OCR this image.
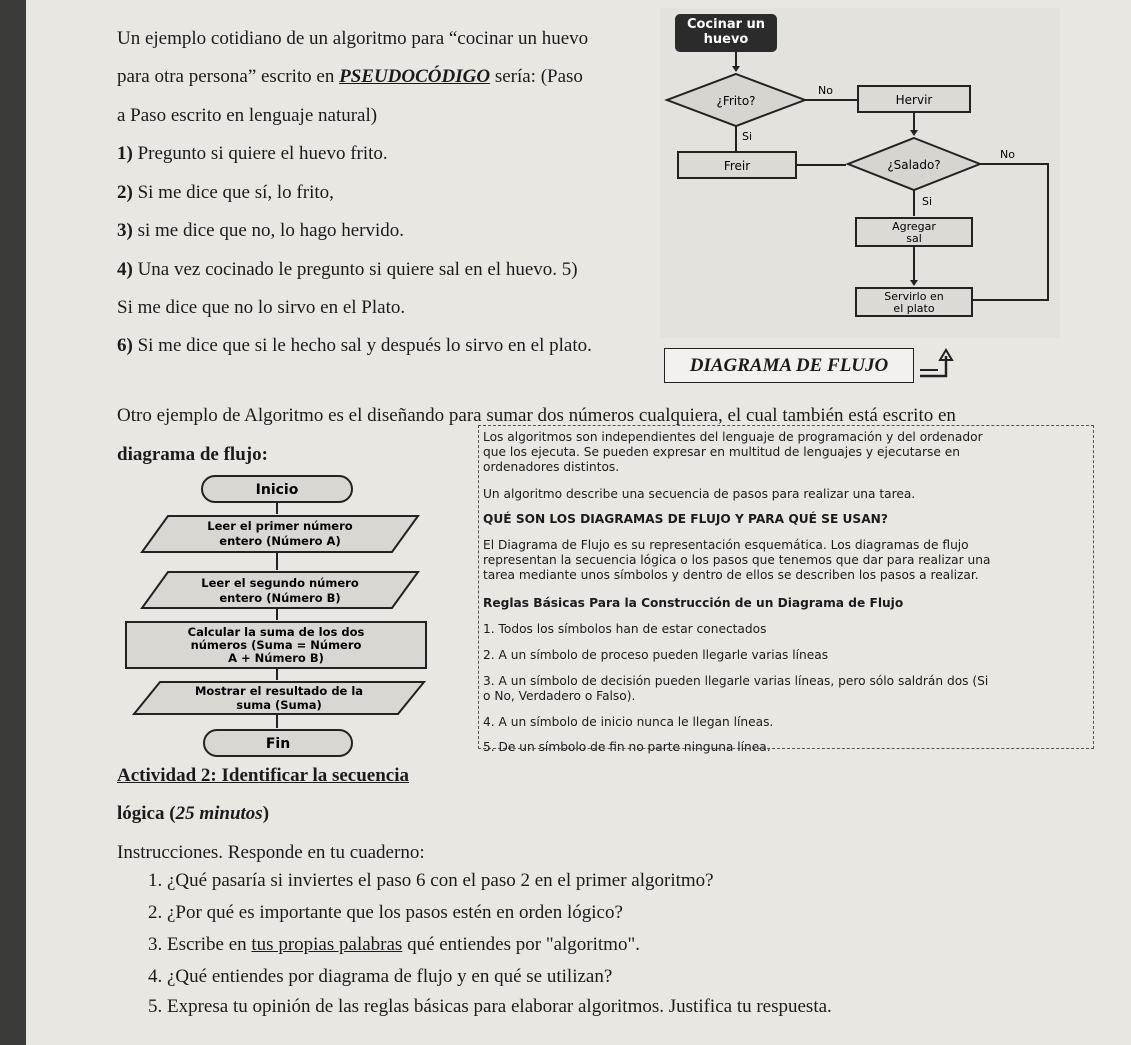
Un ejemplo cotidiano de un algoritmo para “cocinar un huevo
para otra persona” escrito en PSEUDOCÓDIGO sería: (Paso
a Paso escrito en lenguaje natural)
1) Pregunto si quiere el huevo frito.
2) Si me dice que sí, lo frito,
3) si me dice que no, lo hago hervido.
4) Una vez cocinado le pregunto si quiere sal en el huevo. 5)
Si me dice que no lo sirvo en el Plato.
6) Si me dice que si le hecho sal y después lo sirvo en el plato.
Cocinar un
huevo
¿Frito?
No
Hervir
Si
Freir	¿Salado?
No
Si
Agregar
sal
Servirlo en
el plato
DIAGRAMA DE FLUJO
Otro ejemplo de Algoritmo es el diseñando para sumar dos números cualquiera, el cual también está escrito en
diagrama de flujo:
Inicio
Leer el primer número
entero (Número A)
Leer el segundo número
entero (Número B)
Calcular la suma de los dos
números (Suma = Número
A + Número B)
Mostrar el resultado de la
suma (Suma)
Fin
Los algoritmos son independientes del lenguaje de programación y del ordenador
que los ejecuta. Se pueden expresar en multitud de lenguajes y ejecutarse en
ordenadores distintos.
Un algoritmo describe una secuencia de pasos para realizar una tarea.
QUÉ SON LOS DIAGRAMAS DE FLUJO Y PARA QUÉ SE USAN?
El Diagrama de Flujo es su representación esquemática. Los diagramas de flujo
representan la secuencia lógica o los pasos que tenemos que dar para realizar una
tarea mediante unos símbolos y dentro de ellos se describen los pasos a realizar.
Reglas Básicas Para la Construcción de un Diagrama de Flujo
1. Todos los símbolos han de estar conectados
2. A un símbolo de proceso pueden llegarle varias líneas
3. A un símbolo de decisión pueden llegarle varias líneas, pero sólo saldrán dos (Si
o No, Verdadero o Falso).
4. A un símbolo de inicio nunca le llegan líneas.
5. De un símbolo de fin no parte ninguna línea.
Actividad 2: Identificar la secuencia
lógica (25 minutos)
Instrucciones. Responde en tu cuaderno:
1. ¿Qué pasaría si inviertes el paso 6 con el paso 2 en el primer algoritmo?
2. ¿Por qué es importante que los pasos estén en orden lógico?
3. Escribe en tus propias palabras qué entiendes por "algoritmo".
4. ¿Qué entiendes por diagrama de flujo y en qué se utilizan?
5. Expresa tu opinión de las reglas básicas para elaborar algoritmos. Justifica tu respuesta.
